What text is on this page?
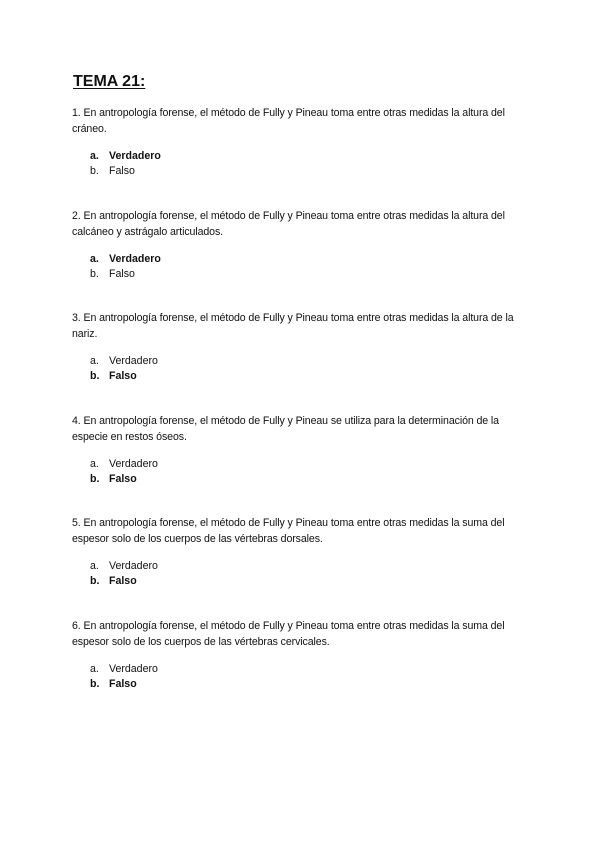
TEMA 21:

1. En antropología forense, el método de Fully y Pineau toma entre otras medidas la altura del cráneo.

a. Verdadero
b. Falso

2. En antropología forense, el método de Fully y Pineau toma entre otras medidas la altura del calcáneo y astrágalo articulados.

a. Verdadero
b. Falso

3. En antropología forense, el método de Fully y Pineau toma entre otras medidas la altura de la nariz.

a. Verdadero
b. Falso

4. En antropología forense, el método de Fully y Pineau se utiliza para la determinación de la especie en restos óseos.

a. Verdadero
b. Falso

5. En antropología forense, el método de Fully y Pineau toma entre otras medidas la suma del espesor solo de los cuerpos de las vértebras dorsales.

a. Verdadero
b. Falso

6. En antropología forense, el método de Fully y Pineau toma entre otras medidas la suma del espesor solo de los cuerpos de las vértebras cervicales.

a. Verdadero
b. Falso
